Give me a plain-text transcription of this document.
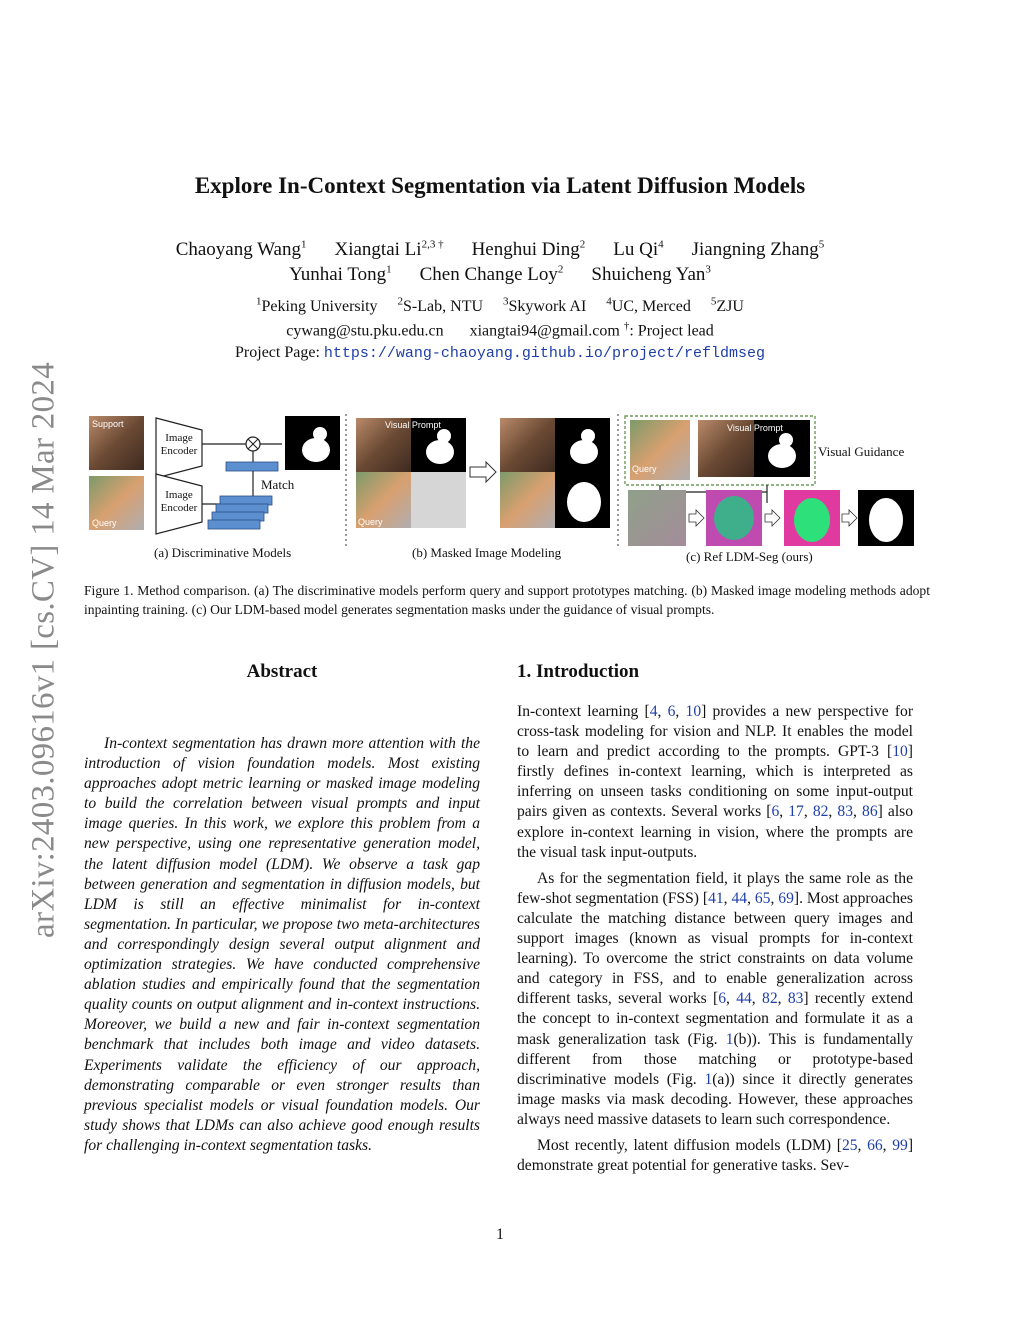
arXiv:2403.09616v1 [cs.CV] 14 Mar 2024
Explore In-Context Segmentation via Latent Diffusion Models
Chaoyang Wang$^1$ Xiangtai $Li^{2,3 \dagger}$ Henghui Ding$^2$ Lu Qi$^4$ Jiangning Zhang$^5$
Yunhai Tong$^1$ Chen Change Loy$^2$ Shuicheng Yan$^3$
$^1$Peking University $^2$S-Lab, NTU $^3$Skywork AI $^4$UC, Merced $^5$ZJU
cywang@stu.pku.edu.cn xiangtai94@gmail.com †: Project lead
Project Page: https://wang-chaoyang.github.io/project/refldmseg
Support
Query
Image
Encoder
Image
Encoder
Match
Visual Prompt
Query
Visual Prompt
Query
Visual Guidance
(a) Discriminative Models	(b) Masked Image Modeling	(c) Ref LDM-Seg (ours)
Figure 1. Method comparison. (a) The discriminative models perform query and support prototypes matching. (b) Masked image modeling methods adopt inpainting training. (c) Our LDM-based model generates segmentation masks under the guidance of visual prompts.
Abstract

In-context segmentation has drawn more attention with the introduction of vision foundation models. Most existing approaches adopt metric learning or masked image modeling to build the correlation between visual prompts and input image queries. In this work, we explore this problem from a new perspective, using one representative generation model, the latent diffusion model (LDM). We observe a task gap between generation and segmentation in diffusion models, but LDM is still an effective minimalist for in-context segmentation. In particular, we propose two meta-architectures and correspondingly design several output alignment and optimization strategies. We have conducted comprehensive ablation studies and empirically found that the segmentation quality counts on output alignment and in-context instructions. Moreover, we build a new and fair in-context segmentation benchmark that includes both image and video datasets. Experiments validate the efficiency of our approach, demonstrating comparable or even stronger results than previous specialist models or visual foundation models. Our study shows that LDMs can also achieve good enough results for challenging in-context segmentation tasks.

1. Introduction

In-context learning [4, 6, 10] provides a new perspective for cross-task modeling for vision and NLP. It enables the model to learn and predict according to the prompts. GPT-3 [10] firstly defines in-context learning, which is interpreted as inferring on unseen tasks conditioning on some input-output pairs given as contexts. Several works [6, 17, 82, 83, 86] also explore in-context learning in vision, where the prompts are the visual task input-outputs.

As for the segmentation field, it plays the same role as the few-shot segmentation (FSS) [41, 44, 65, 69]. Most approaches calculate the matching distance between query images and support images (known as visual prompts for in-context learning). To overcome the strict constraints on data volume and category in FSS, and to enable generalization across different tasks, several works [6, 44, 82, 83] recently extend the concept to in-context segmentation and formulate it as a mask generalization task (Fig. 1(b)). This is fundamentally different from those matching or prototype-based discriminative models (Fig. 1(a)) since it directly generates image masks via mask decoding. However, these approaches always need massive datasets to learn such correspondence.

Most recently, latent diffusion models (LDM) [25, 66, 99] demonstrate great potential for generative tasks. Sev-

1
